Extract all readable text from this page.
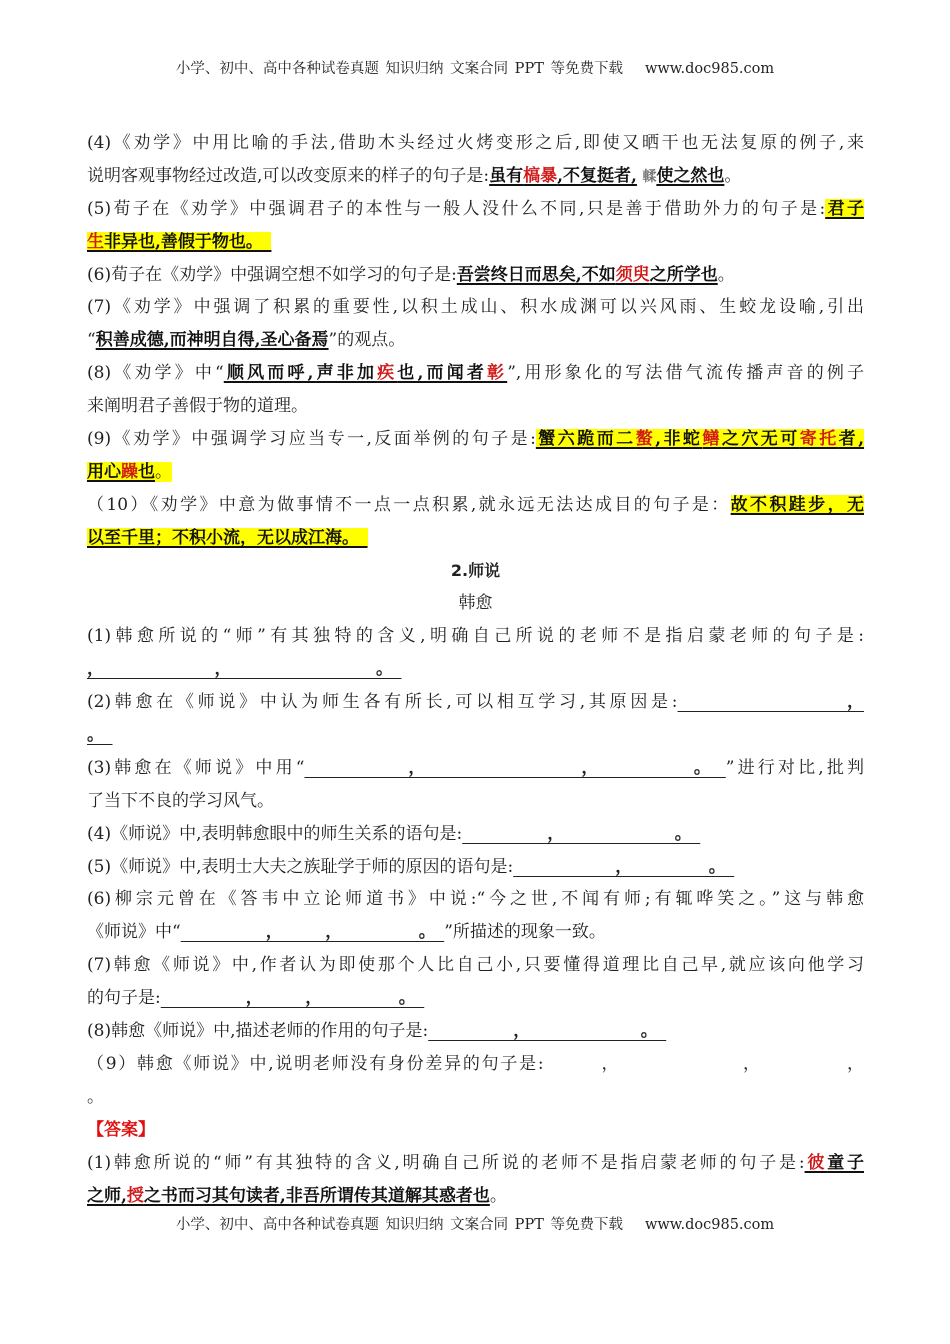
小学、初中、高中各种试卷真题 知识归纳 文案合同 PPT 等免费下载 www.doc985.com
(4)《劝学》中用比喻的手法,借助木头经过火烤变形之后,即使又晒干也无法复原的例子,来
说明客观事物经过改造,可以改变原来的样子的句子是:虽有槁暴,不复挺者, 輮使之然也。
(5)荀子在《劝学》中强调君子的本性与一般人没什么不同,只是善于借助外力的句子是:君子
生非异也,善假于物也。　
(6)荀子在《劝学》中强调空想不如学习的句子是:吾尝终日而思矣,不如须臾之所学也。
(7)《劝学》中强调了积累的重要性,以积土成山、积水成渊可以兴风雨、生蛟龙设喻,引出
“积善成德,而神明自得,圣心备焉”的观点。
(8)《劝学》中“顺风而呼,声非加疾也,而闻者彰”,用形象化的写法借气流传播声音的例子
来阐明君子善假于物的道理。
(9)《劝学》中强调学习应当专一,反面举例的句子是:蟹六跪而二螯,非蛇鳝之穴无可寄托者,
用心躁也。
（10）《劝学》中意为做事情不一点一点积累,就永远无法达成目的句子是：故不积跬步，无
以至千里；不积小流，无以成江海。　
2.师说
韩愈
(1)韩愈所说的“师”有其独特的含义,明确自己所说的老师不是指启蒙老师的句子是:
，　　　　　　　，　　　　　　　　　。　
(2)韩愈在《师说》中认为师生各有所长,可以相互学习,其原因是:　　　　　　　　，
。　
(3)韩愈在《师说》中用“　　　　　，　　　　　　　　，　　　　　。　”进行对比,批判
了当下不良的学习风气。
(4)《师说》中,表明韩愈眼中的师生关系的语句是:　　　　　，　　　　　　　。　
(5)《师说》中,表明士大夫之族耻学于师的原因的语句是:　　　　　　，　　　　　。　
(6)柳宗元曾在《答韦中立论师道书》中说:“今之世,不闻有师;有辄哗笑之。”这与韩愈
《师说》中“　　　　　，　　　，　　　　　。　”所描述的现象一致。
(7)韩愈《师说》中,作者认为即使那个人比自己小,只要懂得道理比自己早,就应该向他学习
的句子是:　　　　　，　　　，　　　　　。　
(8)韩愈《师说》中,描述老师的作用的句子是:　　　　　，　　　　　　　。　
（9）韩愈《师说》中,说明老师没有身份差异的句子是:　　　，　　　　　　　，　　　　　，
。
【答案】
(1)韩愈所说的“师”有其独特的含义,明确自己所说的老师不是指启蒙老师的句子是:彼童子
之师,授之书而习其句读者,非吾所谓传其道解其惑者也。
小学、初中、高中各种试卷真题 知识归纳 文案合同 PPT 等免费下载 www.doc985.com
